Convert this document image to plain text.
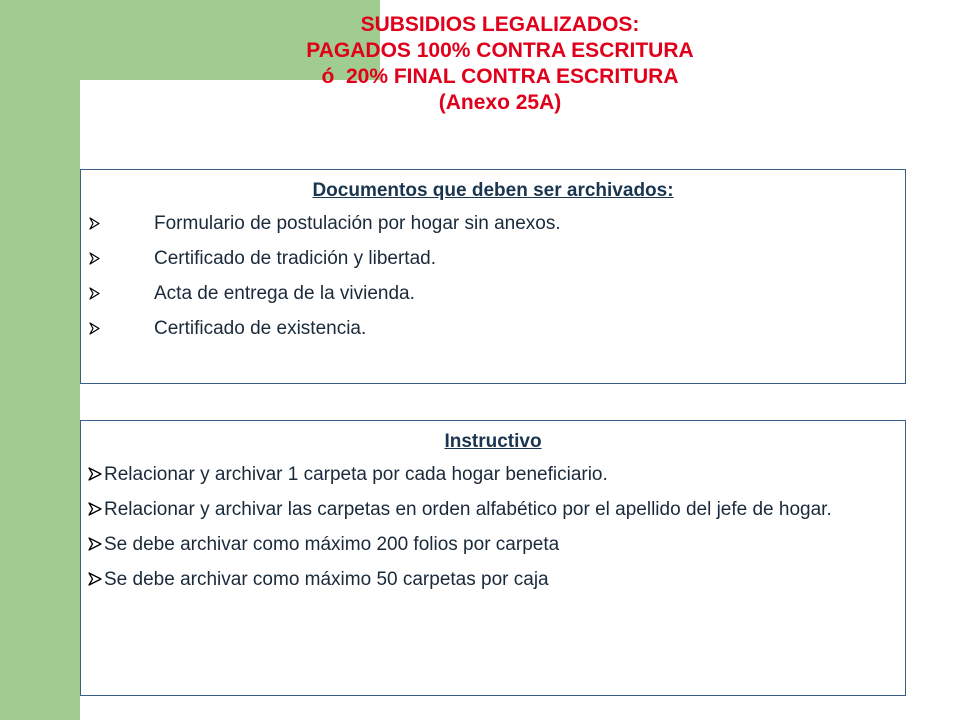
SUBSIDIOS LEGALIZADOS:
PAGADOS 100% CONTRA ESCRITURA
ó  20% FINAL CONTRA ESCRITURA
(Anexo 25A)
Documentos que deben ser archivados:
Formulario de postulación por hogar sin anexos.
Certificado de tradición y libertad.
Acta de entrega de la vivienda.
Certificado de existencia.
Instructivo
Relacionar y archivar 1 carpeta por cada hogar beneficiario.
Relacionar y archivar las carpetas en orden alfabético por el apellido del jefe de hogar.
Se debe archivar como máximo 200 folios por carpeta
Se debe archivar como máximo 50 carpetas por caja
